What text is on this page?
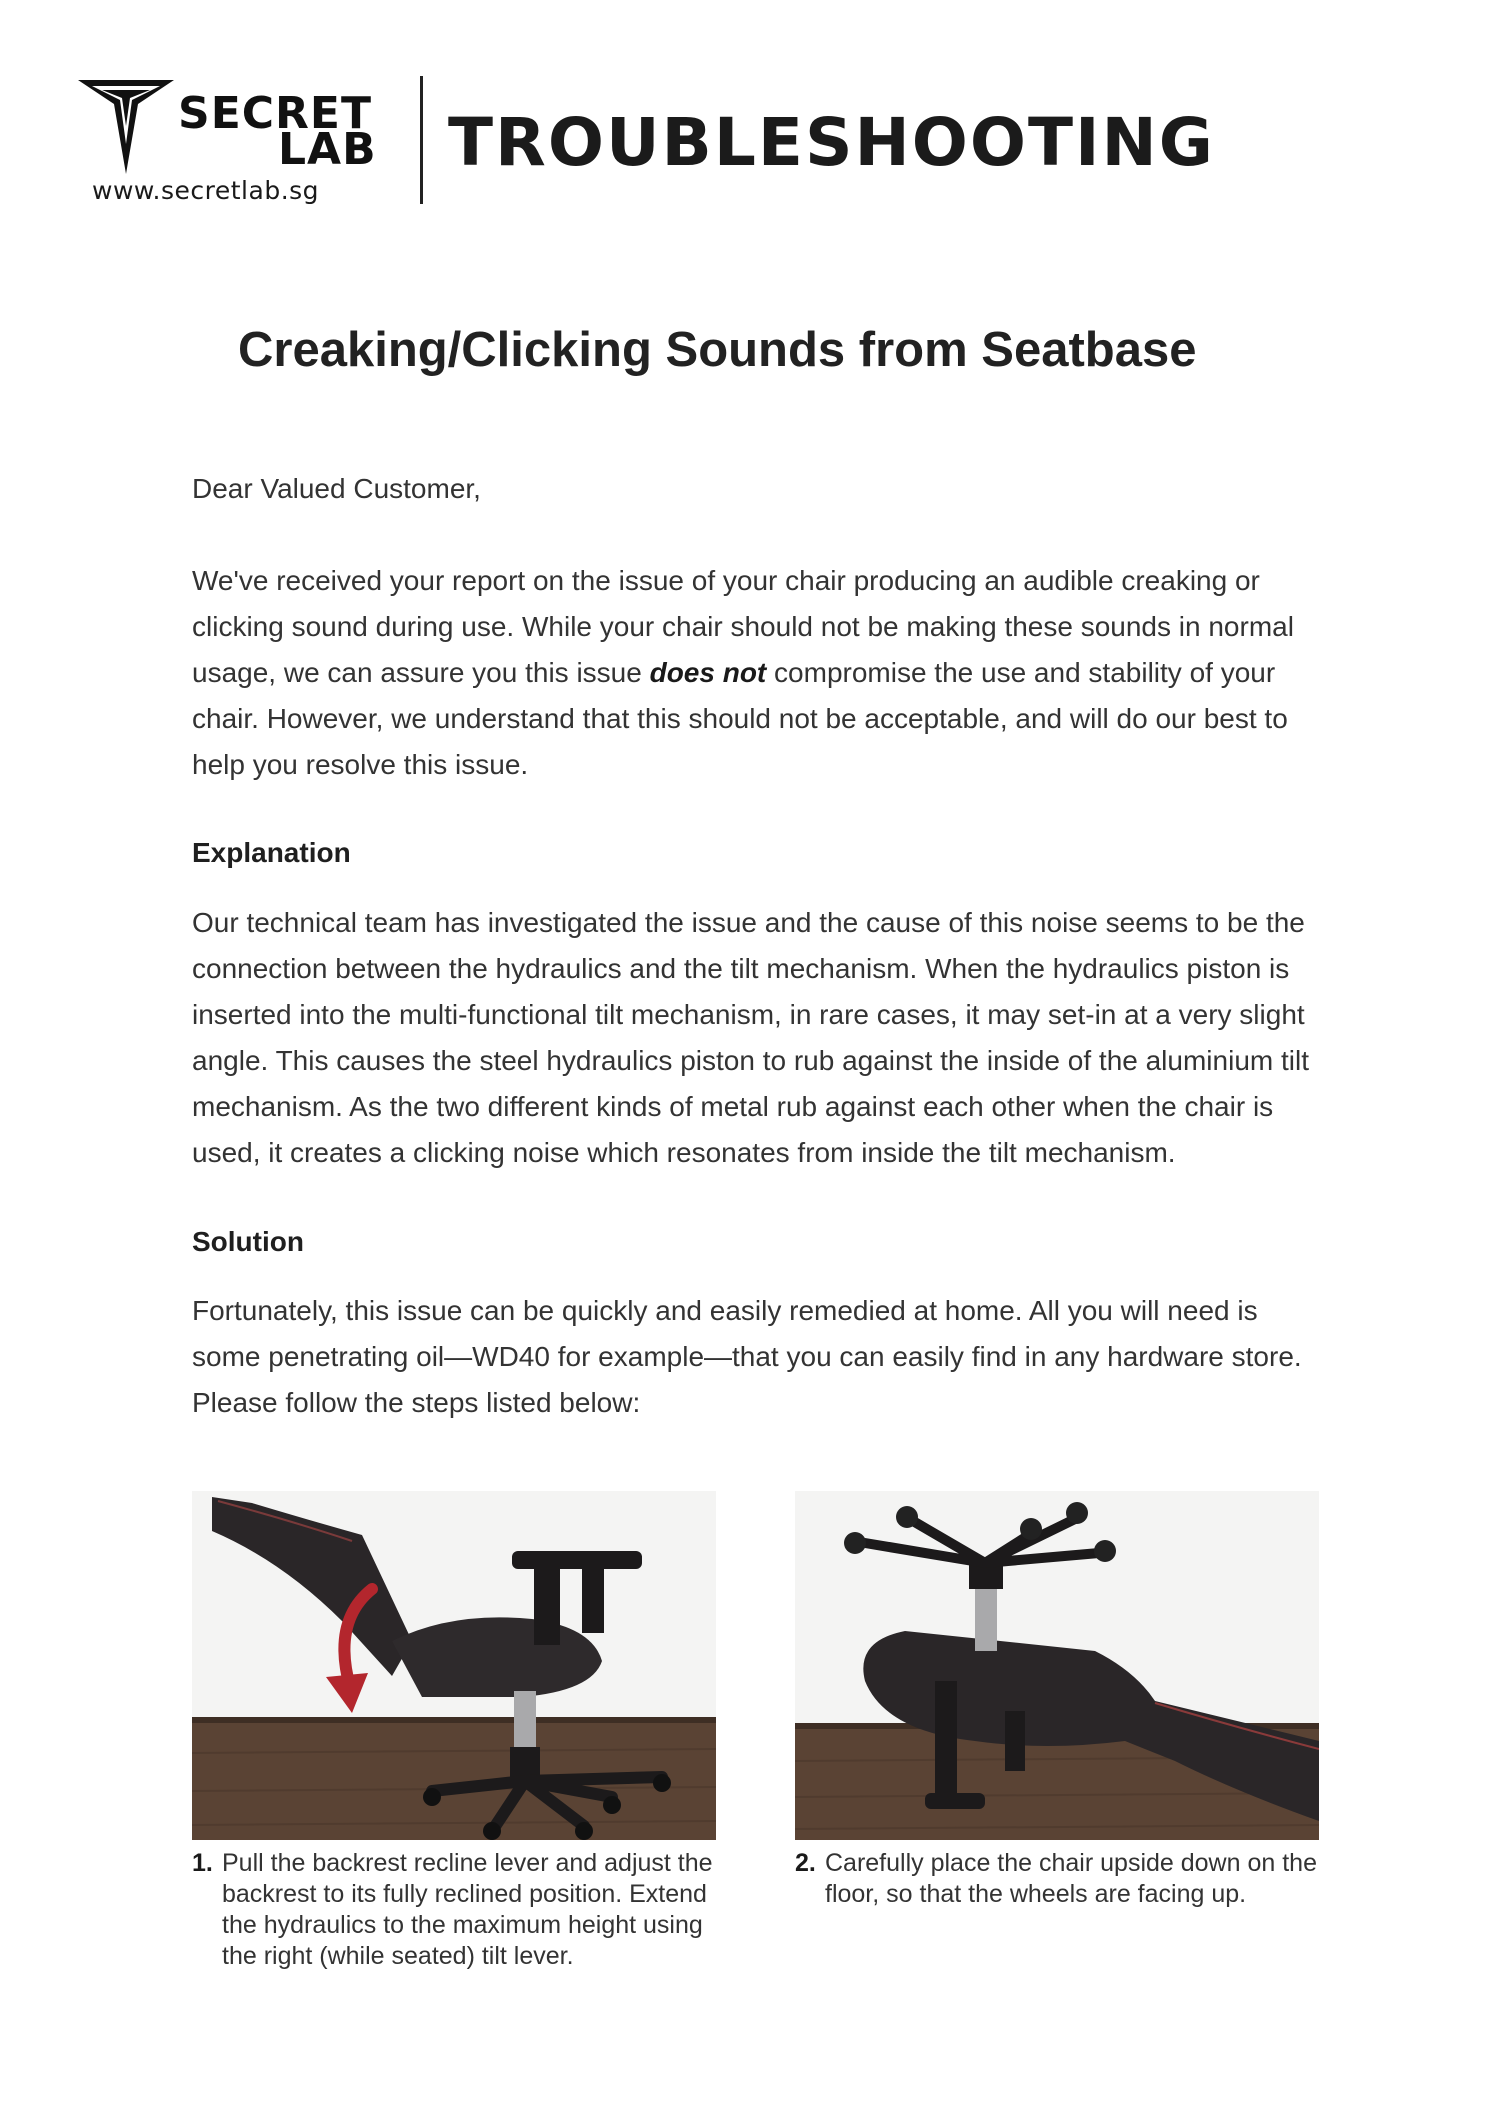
SECRET
LAB
www.secretlab.sg
TROUBLESHOOTING
Creaking/Clicking Sounds from Seatbase

Dear Valued Customer,

We've received your report on the issue of your chair producing an audible creaking or clicking sound during use. While your chair should not be making these sounds in normal usage, we can assure you this issue does not compromise the use and stability of your chair. However, we understand that this should not be acceptable, and will do our best to help you resolve this issue.

Explanation

Our technical team has investigated the issue and the cause of this noise seems to be the connection between the hydraulics and the tilt mechanism. When the hydraulics piston is inserted into the multi-functional tilt mechanism, in rare cases, it may set-in at a very slight angle. This causes the steel hydraulics piston to rub against the inside of the aluminium tilt mechanism. As the two different kinds of metal rub against each other when the chair is used, it creates a clicking noise which resonates from inside the tilt mechanism.

Solution

Fortunately, this issue can be quickly and easily remedied at home. All you will need is some penetrating oil—WD40 for example—that you can easily find in any hardware store. Please follow the steps listed below:

1. Pull the backrest recline lever and adjust the backrest to its fully reclined position. Extend the hydraulics to the maximum height using the right (while seated) tilt lever.
2. Carefully place the chair upside down on the floor, so that the wheels are facing up.
